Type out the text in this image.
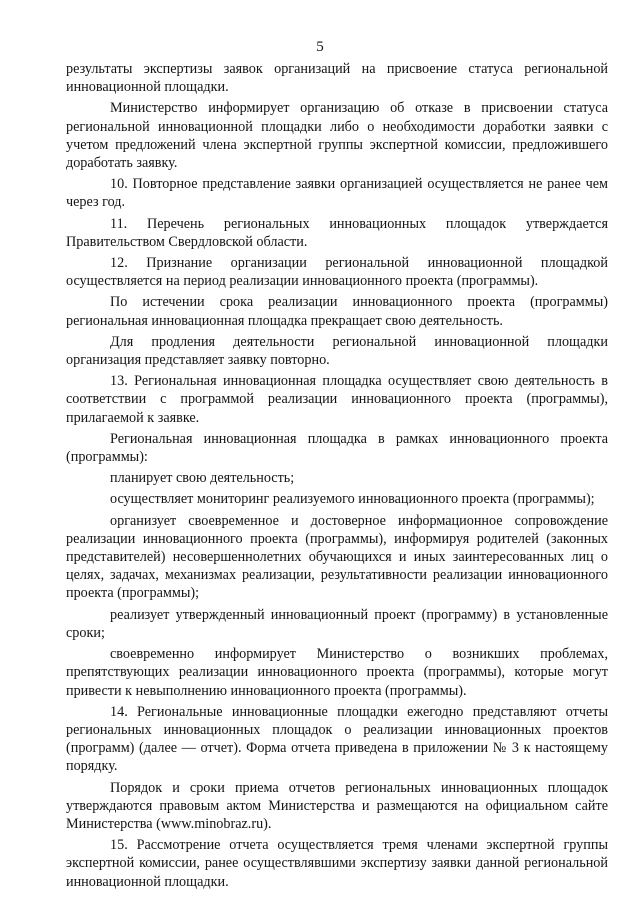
5

результаты экспертизы заявок организаций на присвоение статуса региональной инновационной площадки.

Министерство информирует организацию об отказе в присвоении статуса региональной инновационной площадки либо о необходимости доработки заявки с учетом предложений члена экспертной группы экспертной комиссии, предложившего доработать заявку.

10. Повторное представление заявки организацией осуществляется не ранее чем через год.

11. Перечень региональных инновационных площадок утверждается Правительством Свердловской области.

12. Признание организации региональной инновационной площадкой осуществляется на период реализации инновационного проекта (программы).

По истечении срока реализации инновационного проекта (программы) региональная инновационная площадка прекращает свою деятельность.

Для продления деятельности региональной инновационной площадки организация представляет заявку повторно.

13. Региональная инновационная площадка осуществляет свою деятельность в соответствии с программой реализации инновационного проекта (программы), прилагаемой к заявке.

Региональная инновационная площадка в рамках инновационного проекта (программы):

планирует свою деятельность;

осуществляет мониторинг реализуемого инновационного проекта (программы);

организует своевременное и достоверное информационное сопровождение реализации инновационного проекта (программы), информируя родителей (законных представителей) несовершеннолетних обучающихся и иных заинтересованных лиц о целях, задачах, механизмах реализации, результативности реализации инновационного проекта (программы);

реализует утвержденный инновационный проект (программу) в установленные сроки;

своевременно информирует Министерство о возникших проблемах, препятствующих реализации инновационного проекта (программы), которые могут привести к невыполнению инновационного проекта (программы).

14. Региональные инновационные площадки ежегодно представляют отчеты региональных инновационных площадок о реализации инновационных проектов (программ) (далее — отчет). Форма отчета приведена в приложении № 3 к настоящему порядку.

Порядок и сроки приема отчетов региональных инновационных площадок утверждаются правовым актом Министерства и размещаются на официальном сайте Министерства (www.minobraz.ru).

15. Рассмотрение отчета осуществляется тремя членами экспертной группы экспертной комиссии, ранее осуществлявшими экспертизу заявки данной региональной инновационной площадки.
